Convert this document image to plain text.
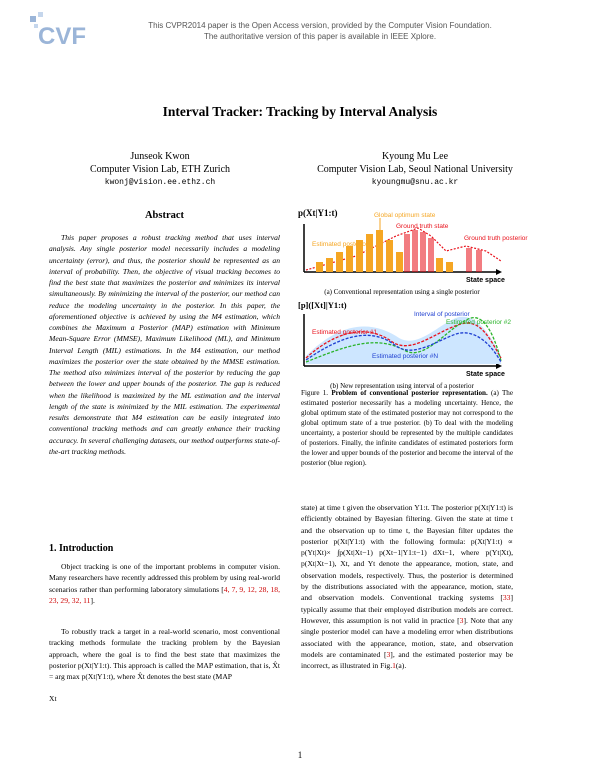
CVF	This CVPR2014 paper is the Open Access version, provided by the Computer Vision Foundation.
The authoritative version of this paper is available in IEEE Xplore.
Interval Tracker: Tracking by Interval Analysis
Junseok Kwon
Computer Vision Lab, ETH Zurich
kwonj@vision.ee.ethz.ch
Kyoung Mu Lee
Computer Vision Lab, Seoul National University
kyoungmu@snu.ac.kr
Abstract
This paper proposes a robust tracking method that uses interval analysis. Any single posterior model necessarily includes a modeling uncertainty (error), and thus, the posterior should be represented as an interval of probability. Then, the objective of visual tracking becomes to find the best state that maximizes the posterior and minimizes its interval simultaneously. By minimizing the interval of the posterior, our method can reduce the modeling uncertainty in the posterior. In this paper, the aforementioned objective is achieved by using the M4 estimation, which combines the Maximum a Posterior (MAP) estimation with Minimum Mean-Square Error (MMSE), Maximum Likelihood (ML), and Minimum Interval Length (MIL) estimations. In the M4 estimation, our method maximizes the posterior over the state obtained by the MMSE estimation. The method also minimizes interval of the posterior by reducing the gap between the lower and upper bounds of the posterior. The gap is reduced when the likelihood is maximized by the ML estimation and the interval length of the state is minimized by the MIL estimation. The experimental results demonstrate that M4 estimation can be easily integrated into conventional tracking methods and can greatly enhance their tracking accuracy. In several challenging datasets, our method outperforms state-of-the-art tracking methods.
1. Introduction
Object tracking is one of the important problems in computer vision. Many researchers have recently addressed this problem by using real-world scenarios rather than performing laboratory simulations [4, 7, 9, 12, 28, 18, 23, 29, 32, 11].
To robustly track a target in a real-world scenario, most conventional tracking methods formulate the tracking problem by the Bayesian approach, where the goal is to find the best state that maximizes the posterior p(Xt|Y1:t). This approach is called the MAP estimation, that is, X̂t = arg max p(Xt|Y1:t), where X̂t denotes the best state (MAP
Xt
p(Xt|Y1:t)	Global optimum state
Ground truth state
Estimated posterior
Ground truth posterior
State space
(a) Conventional representation using a single posterior
[p]([Xt]|Y1:t)
Interval of posterior
Estimated posterior #1
Estimated posterior #2
Estimated posterior #N
State space
(b) New representation using interval of a posterior
Figure 1. Problem of conventional posterior representation. (a) The estimated posterior necessarily has a modeling uncertainty. Hence, the global optimum state of the estimated posterior may not correspond to the global optimum state of a true posterior. (b) To deal with the modeling uncertainty, a posterior should be represented by the multiple candidates of posteriors. Finally, the infinite candidates of estimated posteriors form the lower and upper bounds of the posterior and become the interval of the posterior (blue region).
state) at time t given the observation Y1:t. The posterior p(Xt|Y1:t) is efficiently obtained by Bayesian filtering. Given the state at time t and the observation up to time t, the Bayesian filter updates the posterior p(Xt|Y1:t) with the following formula: p(Xt|Y1:t) ∝ p(Yt|Xt)× ∫p(Xt|Xt−1) p(Xt−1|Y1:t−1) dXt−1, where p(Yt|Xt), p(Xt|Xt−1), Xt, and Yt denote the appearance, motion, state, and observation models, respectively. Thus, the posterior is determined by the distributions associated with the appearance, motion, state, and observation models. Conventional tracking systems [33] typically assume that their employed distribution models are correct. However, this assumption is not valid in practice [3]. Note that any single posterior model can have a modeling error when distributions associated with the appearance, motion, state, and observation models are contaminated [3], and the estimated posterior may be incorrect, as illustrated in Fig.1(a).
1
